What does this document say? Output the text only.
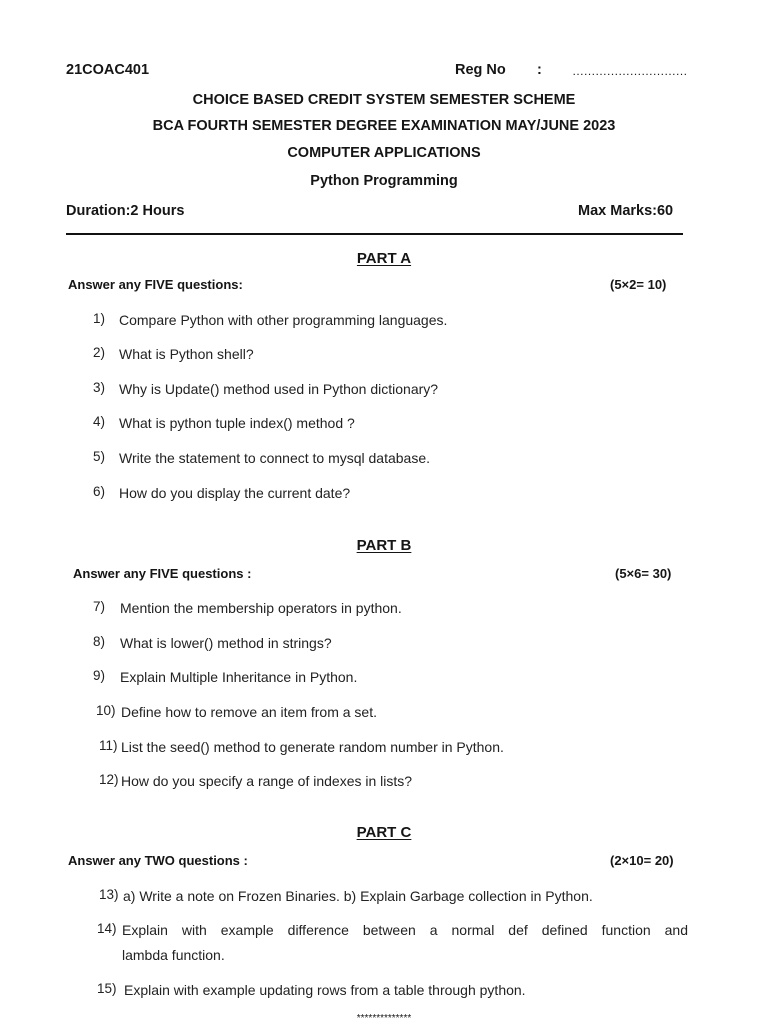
21COAC401	Reg No :	…………………………
CHOICE BASED CREDIT SYSTEM SEMESTER SCHEME
BCA FOURTH SEMESTER DEGREE EXAMINATION MAY/JUNE 2023
COMPUTER APPLICATIONS
Python Programming
Duration:2 Hours	Max Marks:60
PART A
Answer any FIVE questions:	(5×2= 10)
1) Compare Python with other programming languages.
2) What is Python shell?
3) Why is Update() method used in Python dictionary?
4) What is python tuple index() method ?
5) Write the statement to connect to mysql database.
6) How do you display the current date?
PART B
Answer any FIVE questions :	(5×6= 30)
7) Mention the membership operators in python.
8) What is lower() method in strings?
9) Explain Multiple Inheritance in Python.
10) Define how to remove an item from a set.
11) List the seed() method to generate random number in Python.
12) How do you specify a range of indexes in lists?
PART C
Answer any TWO questions :	(2×10= 20)
13) a) Write a note on Frozen Binaries. b) Explain Garbage collection in Python.
14) Explain with example difference between a normal def defined function and
lambda function.
15) Explain with example updating rows from a table through python.
**************
